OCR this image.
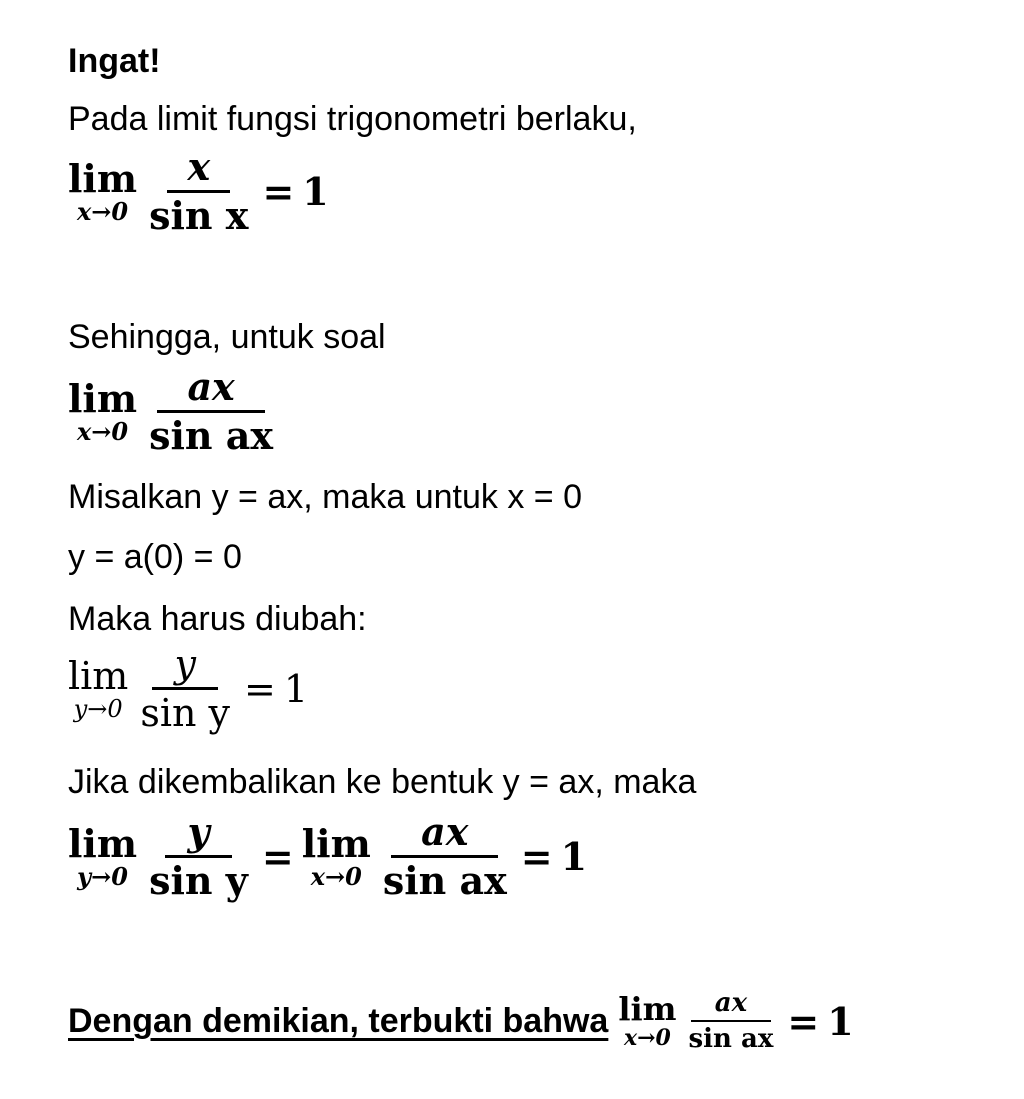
Ingat!
Pada limit fungsi trigonometri berlaku,
lim
$x\to 0 \frac{x}{\text{sin x}} = 1$
Sehingga, untuk soal
lim
$x\to 0 \frac{ax}{\text{sin ax}}$
Misalkan y = ax, maka untuk x = 0
y = a(0) = 0
Maka harus diubah:
lim
$y\to 0 \frac{y}{\text{sin y}} = 1$
Jika dikembalikan ke bentuk y = ax, maka
lim
$y\to 0 \frac{y}{\text{sin y}} = \lim$
$x\to 0 \frac{ax}{\text{sin ax}} = 1$
Dengan demikian, terbukti bahwa lim
$x\to 0 \frac{ax}{\text{sin ax}} = 1$
